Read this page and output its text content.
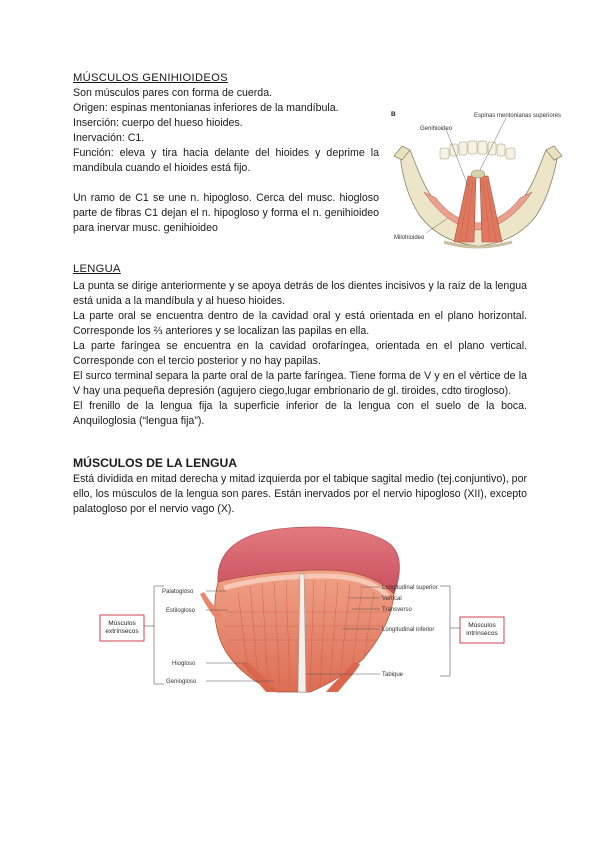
MÚSCULOS GENIHIOIDEOS

Son músculos pares con forma de cuerda.

Origen: espinas mentonianas inferiores de la mandíbula.

Inserción: cuerpo del hueso hioides.

Inervación: C1.

Función: eleva y tira hacia delante del hioides y deprime la mandíbula cuando el hioides está fijo.

Un ramo de C1 se une n. hipogloso. Cerca del musc. hiogloso parte de fibras C1 dejan el n. hipogloso y forma el n. genihioideo para inervar musc. genihioideo
B	Espinas mentonianas superiores
Genihioideo
Milohioideo
LENGUA

La punta se dirige anteriormente y se apoya detrás de los dientes incisivos y la raíz de la lengua está unida a la mandíbula y al hueso hioides.

La parte oral se encuentra dentro de la cavidad oral y está orientada en el plano horizontal. Corresponde los ⅔ anteriores y se localizan las papilas en ella.

La parte faríngea se encuentra en la cavidad orofaríngea, orientada en el plano vertical. Corresponde con el tercio posterior y no hay papilas.

El surco terminal separa la parte oral de la parte faríngea. Tiene forma de V y en el vértice de la V hay una pequeña depresión (agujero ciego,lugar embrionario de gl. tiroides, cdto tirogloso).

El frenillo de la lengua fija la superficie inferior de la lengua con el suelo de la boca. Anquiloglosia (“lengua fija”).

MÚSCULOS DE LA LENGUA
Está dividida en mitad derecha y mitad izquierda por el tabique sagital medio (tej.conjuntivo), por ello, los músculos de la lengua son pares. Están inervados por el nervio hipogloso (XII), excepto palatogloso por el nervio vago (X).
Palatogloso
Estilogloso
Hiogloso
Geniogloso
Músculos extrínsecos
Longitudinal superior
Vertical
Transverso
Longitudinal inferior
Tabique
Músculos intrínsecos
